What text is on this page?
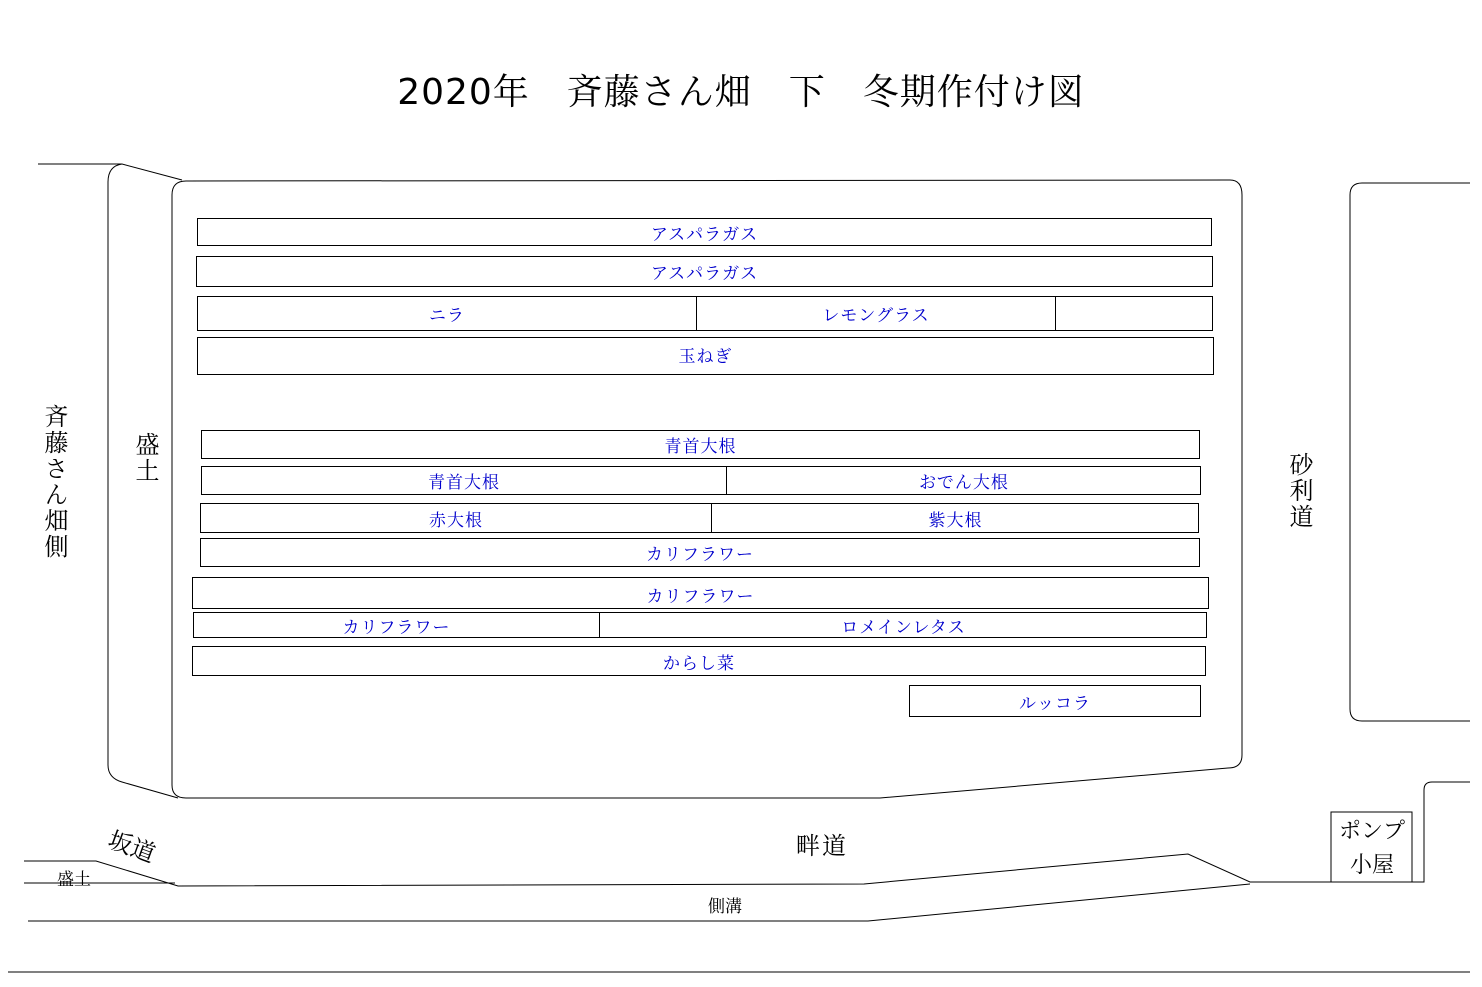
2020年　斉藤さん畑　下　冬期作付け図
アスパラガス
アスパラガス
ニラ	レモングラス
玉ねぎ
青首大根
青首大根	おでん大根
赤大根	紫大根
カリフラワー
カリフラワー
カリフラワー	ロメインレタス
からし菜
ルッコラ
斉藤さん畑側	盛土	砂利道
坂道	畔道
盛土
側溝
ポンプ
小屋
